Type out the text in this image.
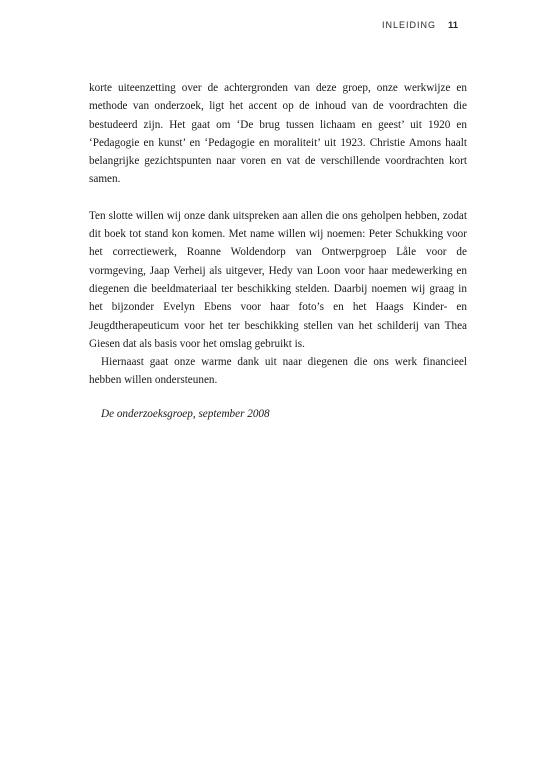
INLEIDING 11

korte uiteenzetting over de achtergronden van deze groep, onze werkwijze en methode van onderzoek, ligt het accent op de inhoud van de voordrachten die bestudeerd zijn. Het gaat om ‘De brug tussen lichaam en geest’ uit 1920 en ‘Pedagogie en kunst’ en ‘Pedagogie en moraliteit’ uit 1923. Christie Amons haalt belangrijke gezichtspunten naar voren en vat de verschillende voordrachten kort samen.

Ten slotte willen wij onze dank uitspreken aan allen die ons geholpen hebben, zodat dit boek tot stand kon komen. Met name willen wij noemen: Peter Schukking voor het correctiewerk, Roanne Woldendorp van Ontwerpgroep Låle voor de vormgeving, Jaap Verheij als uitgever, Hedy van Loon voor haar medewerking en diegenen die beeldmateriaal ter beschikking stelden. Daarbij noemen wij graag in het bijzonder Evelyn Ebens voor haar foto’s en het Haags Kinder- en Jeugdtherapeuticum voor het ter beschikking stellen van het schilderij van Thea Giesen dat als basis voor het omslag gebruikt is.

Hiernaast gaat onze warme dank uit naar diegenen die ons werk financieel hebben willen ondersteunen.

De onderzoeksgroep, september 2008
